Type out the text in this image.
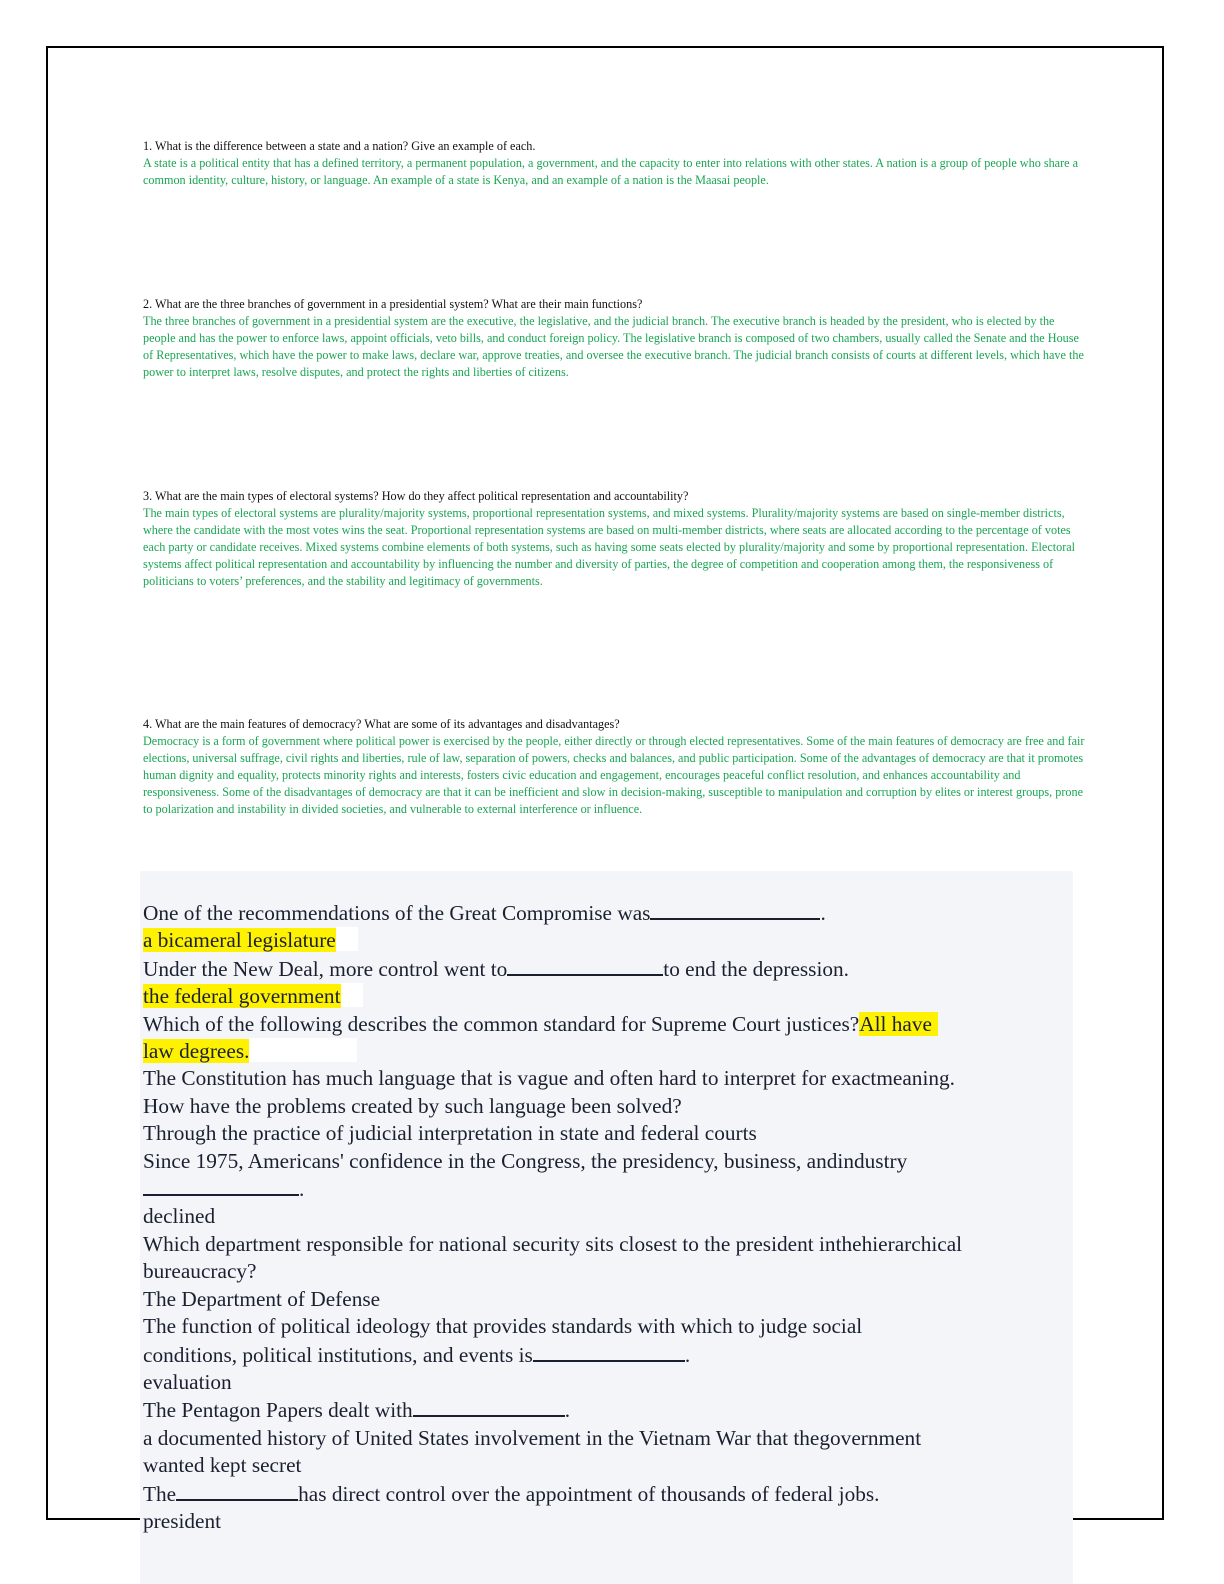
1. What is the difference between a state and a nation? Give an example of each.
A state is a political entity that has a defined territory, a permanent population, a government, and the capacity to enter into relations with other states. A nation is a group of people who share a common identity, culture, history, or language. An example of a state is Kenya, and an example of a nation is the Maasai people.
2. What are the three branches of government in a presidential system? What are their main functions?
The three branches of government in a presidential system are the executive, the legislative, and the judicial branch. The executive branch is headed by the president, who is elected by the people and has the power to enforce laws, appoint officials, veto bills, and conduct foreign policy. The legislative branch is composed of two chambers, usually called the Senate and the House of Representatives, which have the power to make laws, declare war, approve treaties, and oversee the executive branch. The judicial branch consists of courts at different levels, which have the power to interpret laws, resolve disputes, and protect the rights and liberties of citizens.
3. What are the main types of electoral systems? How do they affect political representation and accountability?
The main types of electoral systems are plurality/majority systems, proportional representation systems, and mixed systems. Plurality/majority systems are based on single-member districts, where the candidate with the most votes wins the seat. Proportional representation systems are based on multi-member districts, where seats are allocated according to the percentage of votes each party or candidate receives. Mixed systems combine elements of both systems, such as having some seats elected by plurality/majority and some by proportional representation. Electoral systems affect political representation and accountability by influencing the number and diversity of parties, the degree of competition and cooperation among them, the responsiveness of politicians to voters’ preferences, and the stability and legitimacy of governments.
4. What are the main features of democracy? What are some of its advantages and disadvantages?
Democracy is a form of government where political power is exercised by the people, either directly or through elected representatives. Some of the main features of democracy are free and fair elections, universal suffrage, civil rights and liberties, rule of law, separation of powers, checks and balances, and public participation. Some of the advantages of democracy are that it promotes human dignity and equality, protects minority rights and interests, fosters civic education and engagement, encourages peaceful conflict resolution, and enhances accountability and responsiveness. Some of the disadvantages of democracy are that it can be inefficient and slow in decision-making, susceptible to manipulation and corruption by elites or interest groups, prone to polarization and instability in divided societies, and vulnerable to external interference or influence.
One of the recommendations of the Great Compromise was	.
a bicameral legislature
Under the New Deal, more control went to	to end the depression.
the federal government
Which of the following describes the common standard for Supreme Court justices?All have
law degrees.
The Constitution has much language that is vague and often hard to interpret for exactmeaning.
How have the problems created by such language been solved?
Through the practice of judicial interpretation in state and federal courts
Since 1975, Americans' confidence in the Congress, the presidency, business, andindustry
.
declined
Which department responsible for national security sits closest to the president inthehierarchical
bureaucracy?
The Department of Defense
The function of political ideology that provides standards with which to judge social
conditions, political institutions, and events is	.
evaluation
The Pentagon Papers dealt with	.
a documented history of United States involvement in the Vietnam War that thegovernment
wanted kept secret
The	has direct control over the appointment of thousands of federal jobs.
president
